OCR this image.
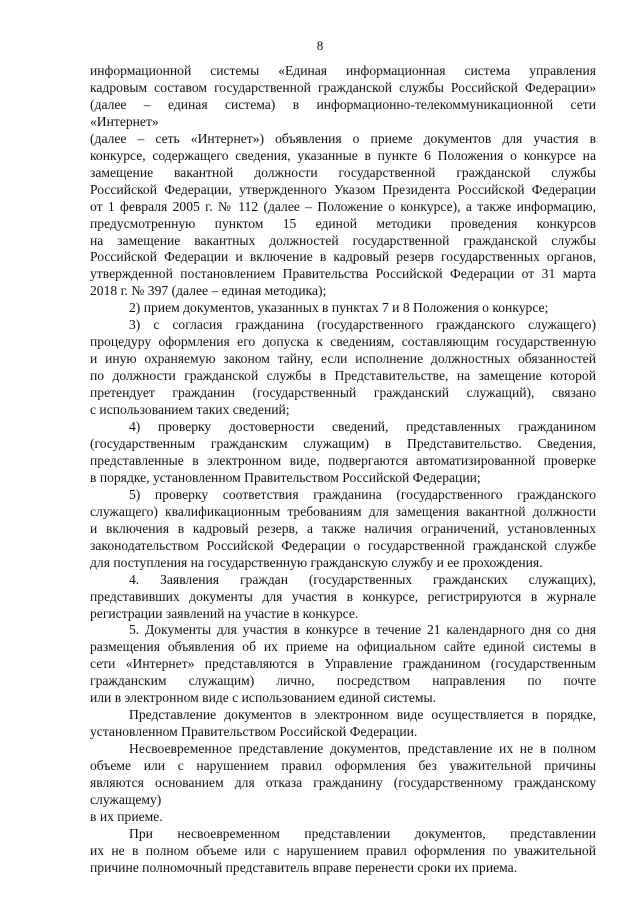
8

информационной системы «Единая информационная система управления

кадровым составом государственной гражданской службы Российской Федерации»

(далее – единая система) в информационно-телекоммуникационной сети

«Интернет»

(далее – сеть «Интернет») объявления о приеме документов для участия в

конкурсе, содержащего сведения, указанные в пункте 6 Положения о конкурсе на

замещение вакантной должности государственной гражданской службы

Российской Федерации, утвержденного Указом Президента Российской Федерации

от 1 февраля 2005 г. № 112 (далее – Положение о конкурсе), а также информацию,

предусмотренную пунктом 15 единой методики проведения конкурсов

на замещение вакантных должностей государственной гражданской службы

Российской Федерации и включение в кадровый резерв государственных органов,

утвержденной постановлением Правительства Российской Федерации от 31 марта

2018 г. № 397 (далее – единая методика);

2) прием документов, указанных в пунктах 7 и 8 Положения о конкурсе;

3) с согласия гражданина (государственного гражданского служащего)

процедуру оформления его допуска к сведениям, составляющим государственную

и иную охраняемую законом тайну, если исполнение должностных обязанностей

по должности гражданской службы в Представительстве, на замещение которой

претендует гражданин (государственный гражданский служащий), связано

с использованием таких сведений;

4) проверку достоверности сведений, представленных гражданином

(государственным гражданским служащим) в Представительство. Сведения,

представленные в электронном виде, подвергаются автоматизированной проверке

в порядке, установленном Правительством Российской Федерации;

5) проверку соответствия гражданина (государственного гражданского

служащего) квалификационным требованиям для замещения вакантной должности

и включения в кадровый резерв, а также наличия ограничений, установленных

законодательством Российской Федерации о государственной гражданской службе

для поступления на государственную гражданскую службу и ее прохождения.

4. Заявления граждан (государственных гражданских служащих),

представивших документы для участия в конкурсе, регистрируются в журнале

регистрации заявлений на участие в конкурсе.

5. Документы для участия в конкурсе в течение 21 календарного дня со дня

размещения объявления об их приеме на официальном сайте единой системы в

сети «Интернет» представляются в Управление гражданином (государственным

гражданским служащим) лично, посредством направления по почте

или в электронном виде с использованием единой системы.

Представление документов в электронном виде осуществляется в порядке,

установленном Правительством Российской Федерации.

Несвоевременное представление документов, представление их не в полном

объеме или с нарушением правил оформления без уважительной причины

являются основанием для отказа гражданину (государственному гражданскому

служащему)

в их приеме.

При несвоевременном представлении документов, представлении

их не в полном объеме или с нарушением правил оформления по уважительной

причине полномочный представитель вправе перенести сроки их приема.
